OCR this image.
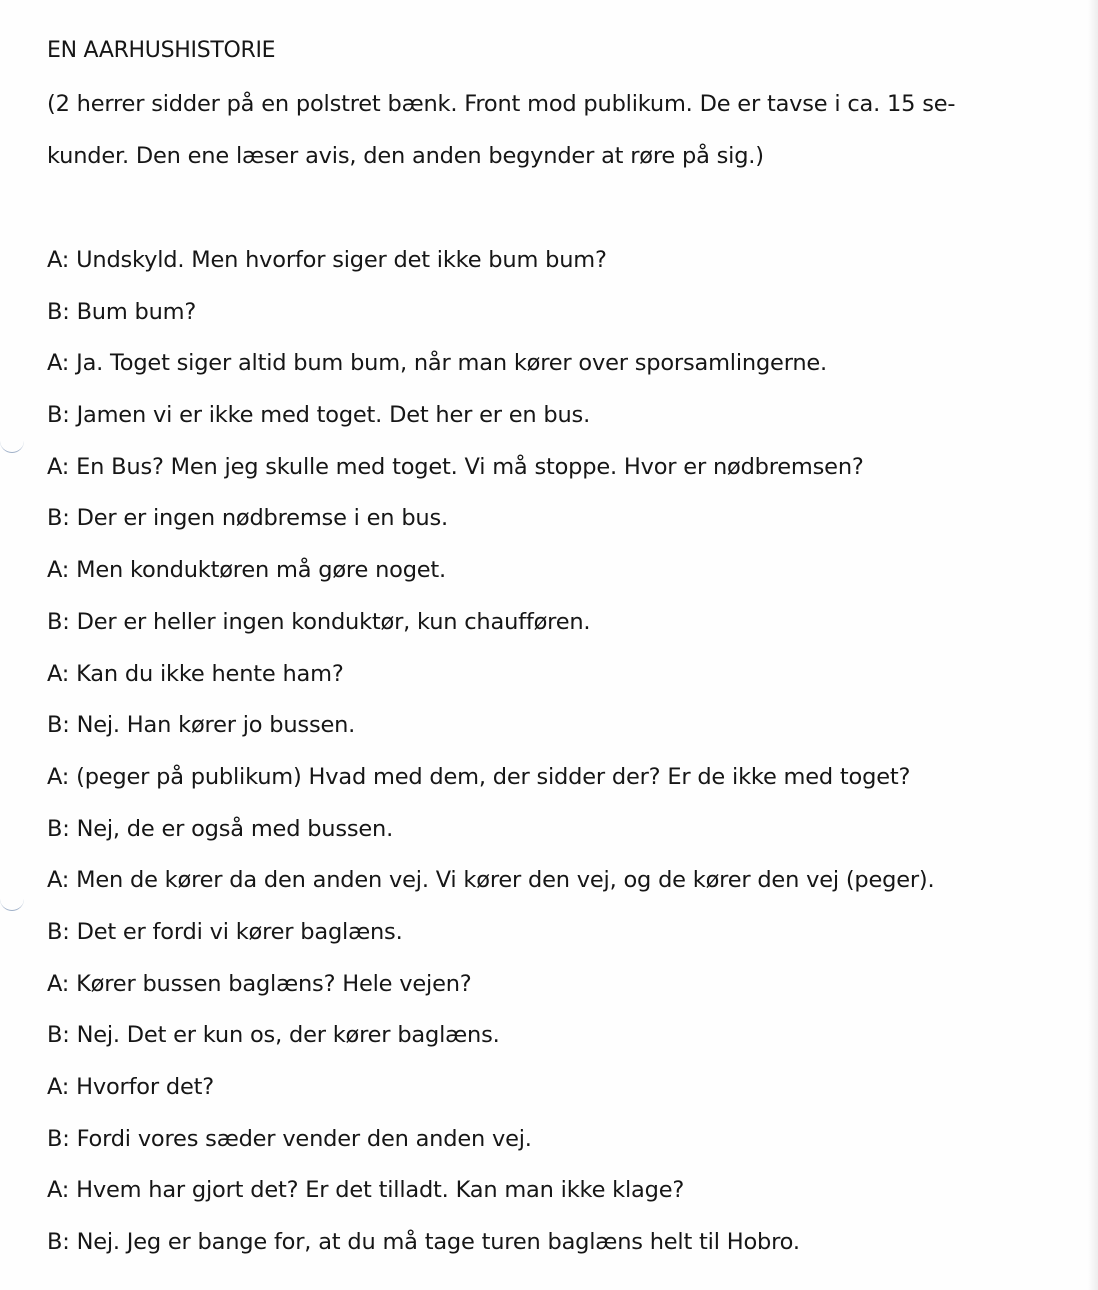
EN AARHUSHISTORIE
(2 herrer sidder på en polstret bænk. Front mod publikum. De er tavse i ca. 15 se-
kunder. Den ene læser avis, den anden begynder at røre på sig.)
A: Undskyld. Men hvorfor siger det ikke bum bum?
B: Bum bum?
A: Ja. Toget siger altid bum bum, når man kører over sporsamlingerne.
B: Jamen vi er ikke med toget. Det her er en bus.
A: En Bus? Men jeg skulle med toget. Vi må stoppe. Hvor er nødbremsen?
B: Der er ingen nødbremse i en bus.
A: Men konduktøren må gøre noget.
B: Der er heller ingen konduktør, kun chaufføren.
A: Kan du ikke hente ham?
B: Nej. Han kører jo bussen.
A: (peger på publikum) Hvad med dem, der sidder der? Er de ikke med toget?
B: Nej, de er også med bussen.
A: Men de kører da den anden vej. Vi kører den vej, og de kører den vej (peger).
B: Det er fordi vi kører baglæns.
A: Kører bussen baglæns? Hele vejen?
B: Nej. Det er kun os, der kører baglæns.
A: Hvorfor det?
B: Fordi vores sæder vender den anden vej.
A: Hvem har gjort det? Er det tilladt. Kan man ikke klage?
B: Nej. Jeg er bange for, at du må tage turen baglæns helt til Hobro.
